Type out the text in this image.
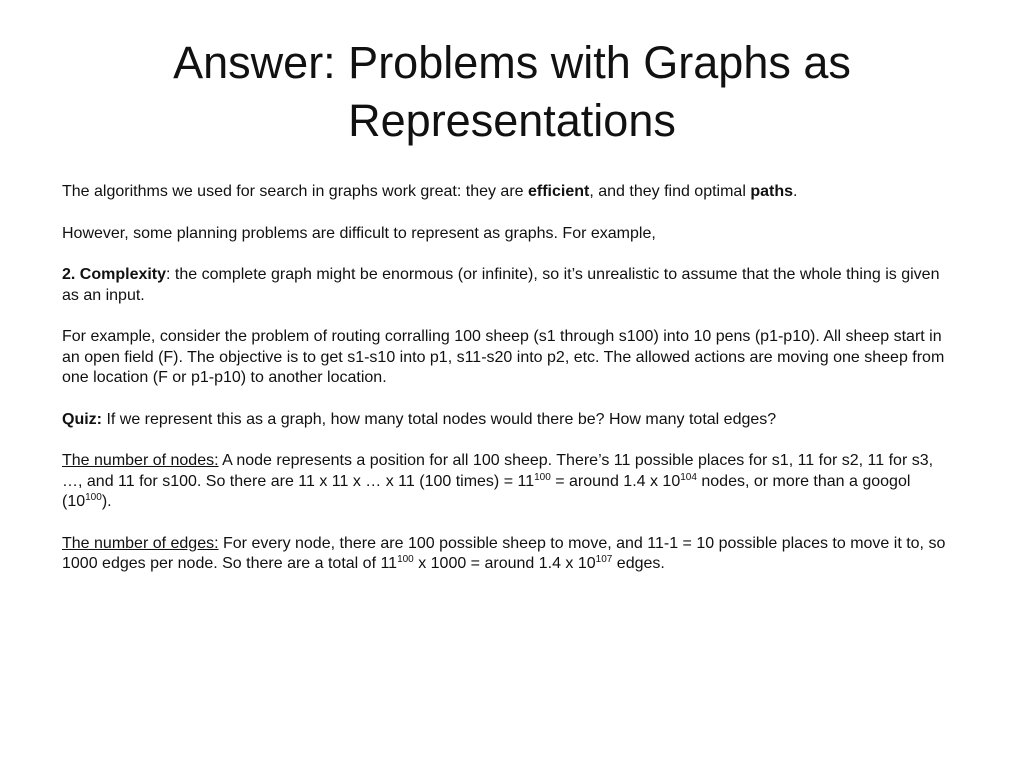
Answer: Problems with Graphs as Representations

The algorithms we used for search in graphs work great: they are efficient, and they find optimal paths.

However, some planning problems are difficult to represent as graphs. For example,

2. Complexity: the complete graph might be enormous (or infinite), so it’s unrealistic to assume that the whole thing is given as an input.

For example, consider the problem of routing corralling 100 sheep (s1 through s100) into 10 pens (p1-p10). All sheep start in an open field (F). The objective is to get s1-s10 into p1, s11-s20 into p2, etc. The allowed actions are moving one sheep from one location (F or p1-p10) to another location.

Quiz: If we represent this as a graph, how many total nodes would there be? How many total edges?

The number of nodes: A node represents a position for all 100 sheep. There’s 11 possible places for s1, 11 for s2, 11 for s3, …, and 11 for s100. So there are 11 x 11 x … x 11 (100 times) = $11^{100}$ = around 1.4 x $10^{104}$ nodes, or more than a googol $(10^{100})$.

The number of edges: For every node, there are 100 possible sheep to move, and 11-1 = 10 possible places to move it to, so 1000 edges per node. So there are a total of $11^{100}$ x 1000 = around 1.4 x $10^{107}$ edges.
